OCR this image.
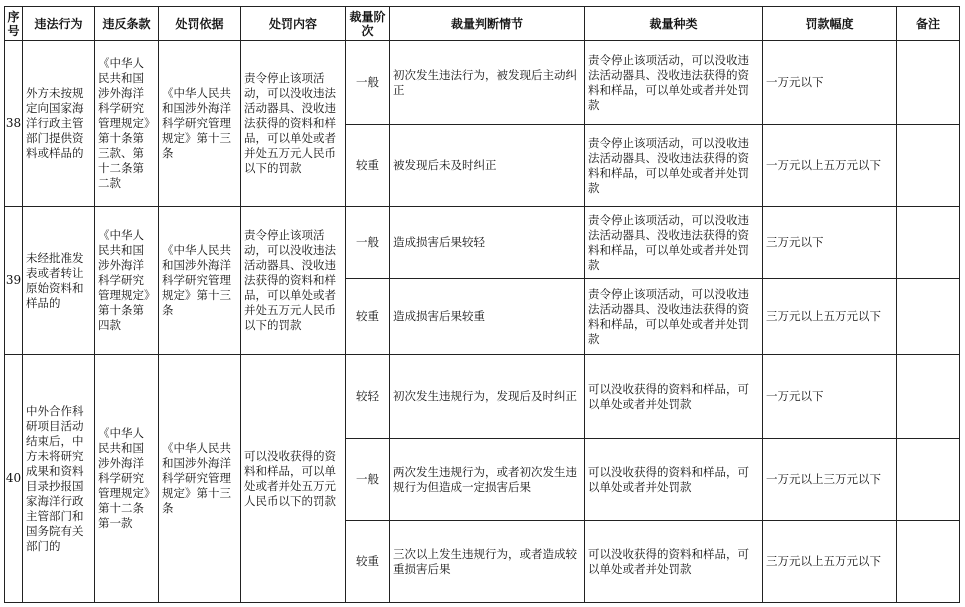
序号	违法行为	违反条款	处罚依据	处罚内容	裁量阶次	裁量判断情节	裁量种类	罚款幅度	备注
38	外方未按规定向国家海洋行政主管部门提供资料或样品的	《中华人民共和国涉外海洋科学研究管理规定》第十条第三款、第十二条第二款	《中华人民共和国涉外海洋科学研究管理规定》第十三条	责令停止该项活动，可以没收违法活动器具、没收违法获得的资料和样品，可以单处或者并处五万元人民币以下的罚款	一般	初次发生违法行为，被发现后主动纠正	责令停止该项活动，可以没收违法活动器具、没收违法获得的资料和样品，可以单处或者并处罚款	一万元以下	
					较重	被发现后未及时纠正	责令停止该项活动，可以没收违法活动器具、没收违法获得的资料和样品，可以单处或者并处罚款	一万元以上五万元以下	
39	未经批准发表或者转让原始资料和样品的	《中华人民共和国涉外海洋科学研究管理规定》第十条第四款	《中华人民共和国涉外海洋科学研究管理规定》第十三条	责令停止该项活动，可以没收违法活动器具、没收违法获得的资料和样品，可以单处或者并处五万元人民币以下的罚款	一般	造成损害后果较轻	责令停止该项活动，可以没收违法活动器具、没收违法获得的资料和样品，可以单处或者并处罚款	三万元以下	
					较重	造成损害后果较重	责令停止该项活动，可以没收违法活动器具、没收违法获得的资料和样品，可以单处或者并处罚款	三万元以上五万元以下	
40	中外合作科研项目活动结束后，中方未将研究成果和资料目录抄报国家海洋行政主管部门和国务院有关部门的	《中华人民共和国涉外海洋科学研究管理规定》第十二条第一款	《中华人民共和国涉外海洋科学研究管理规定》第十三条	可以没收获得的资料和样品，可以单处或者并处五万元人民币以下的罚款	较轻	初次发生违规行为，发现后及时纠正	可以没收获得的资料和样品，可以单处或者并处罚款	一万元以下	
					一般	两次发生违规行为，或者初次发生违规行为但造成一定损害后果	可以没收获得的资料和样品，可以单处或者并处罚款	一万元以上三万元以下	
					较重	三次以上发生违规行为，或者造成较重损害后果	可以没收获得的资料和样品，可以单处或者并处罚款	三万元以上五万元以下	
